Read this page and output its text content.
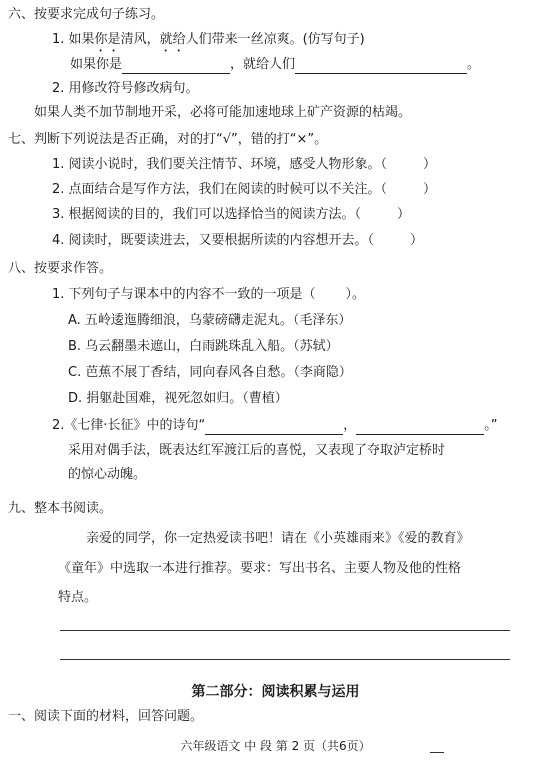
六、按要求完成句子练习。
1. 如果你是清风，就给人们带来一丝凉爽。(仿写句子)
如果你是	，就给人们	。
2. 用修改符号修改病句。
如果人类不加节制地开采，必将可能加速地球上矿产资源的枯竭。
七、判断下列说法是否正确，对的打“√”，错的打“×”。
1. 阅读小说时，我们要关注情节、环境，感受人物形象。（	）
2. 点面结合是写作方法，我们在阅读的时候可以不关注。（	）
3. 根据阅读的目的，我们可以选择恰当的阅读方法。（	）
4. 阅读时，既要读进去，又要根据所读的内容想开去。（	）
八、按要求作答。
1. 下列句子与课本中的内容不一致的一项是（ ）。
A. 五岭逶迤腾细浪，乌蒙磅礴走泥丸。（毛泽东）
B. 乌云翻墨未遮山，白雨跳珠乱入船。（苏轼）
C. 芭蕉不展丁香结，同向春风各自愁。（李商隐）
D. 捐躯赴国难，视死忽如归。（曹植）
2.《七律·长征》中的诗句“	，	。”
采用对偶手法，既表达红军渡江后的喜悦，又表现了夺取泸定桥时
的惊心动魄。
九、整本书阅读。
亲爱的同学，你一定热爱读书吧！请在《小英雄雨来》《爱的教育》
《童年》中选取一本进行推荐。要求：写出书名、主要人物及他的性格
特点。
第二部分：阅读积累与运用
一、阅读下面的材料，回答问题。
六年级语文 中 段 第 2 页（共6页）
